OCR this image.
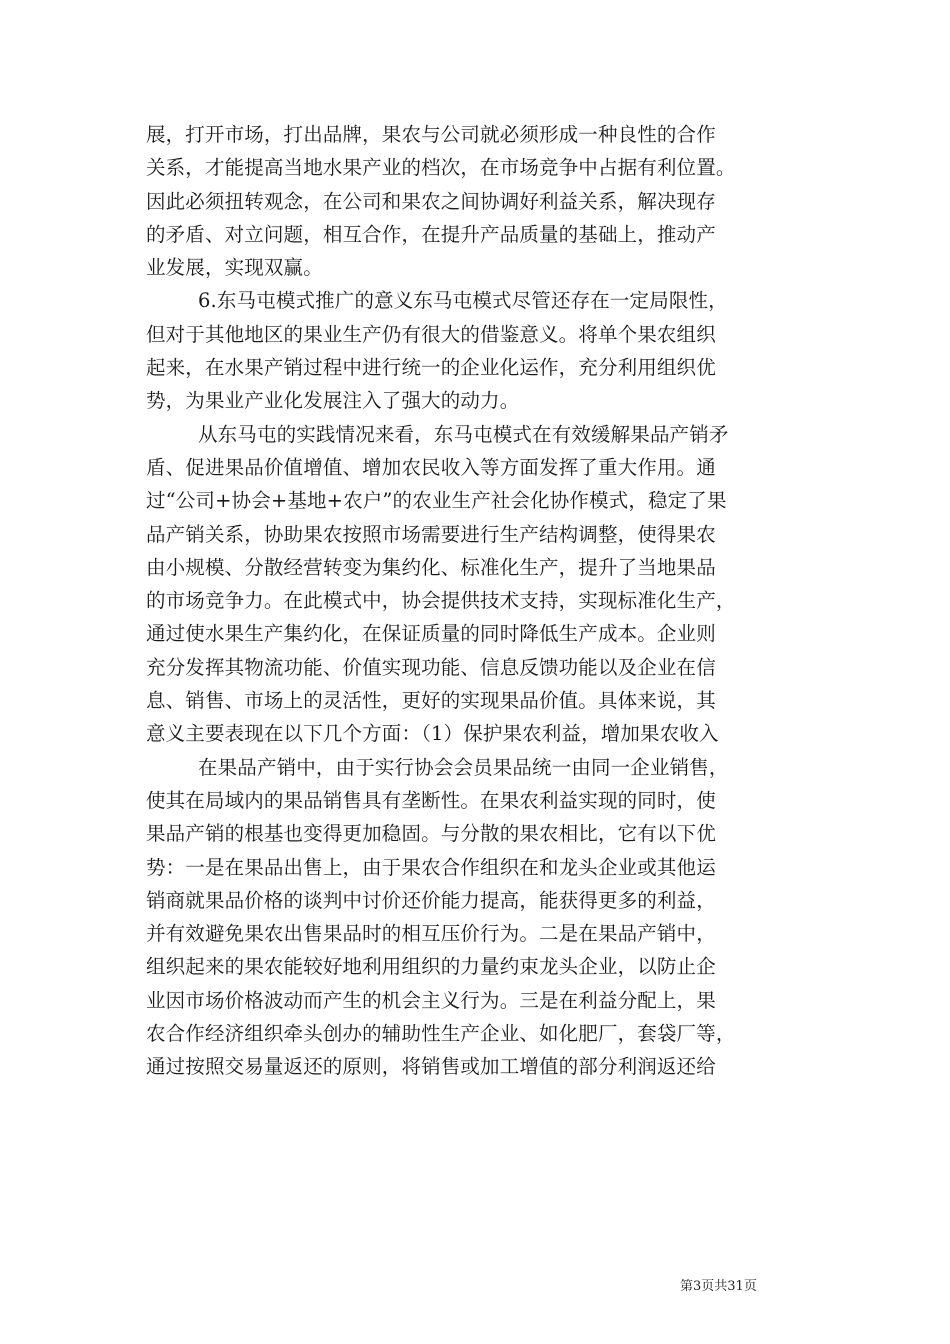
展，打开市场，打出品牌，果农与公司就必须形成一种良性的合作
关系，才能提高当地水果产业的档次，在市场竞争中占据有利位置。
因此必须扭转观念，在公司和果农之间协调好利益关系，解决现存
的矛盾、对立问题，相互合作，在提升产品质量的基础上，推动产
业发展，实现双赢。
6.东马屯模式推广的意义东马屯模式尽管还存在一定局限性，
但对于其他地区的果业生产仍有很大的借鉴意义。将单个果农组织
起来，在水果产销过程中进行统一的企业化运作，充分利用组织优
势，为果业产业化发展注入了强大的动力。
从东马屯的实践情况来看，东马屯模式在有效缓解果品产销矛
盾、促进果品价值增值、增加农民收入等方面发挥了重大作用。通
过“公司+协会+基地+农户”的农业生产社会化协作模式，稳定了果
品产销关系，协助果农按照市场需要进行生产结构调整，使得果农
由小规模、分散经营转变为集约化、标准化生产，提升了当地果品
的市场竞争力。在此模式中，协会提供技术支持，实现标准化生产，
通过使水果生产集约化，在保证质量的同时降低生产成本。企业则
充分发挥其物流功能、价值实现功能、信息反馈功能以及企业在信
息、销售、市场上的灵活性，更好的实现果品价值。具体来说，其
意义主要表现在以下几个方面：（1）保护果农利益，增加果农收入
在果品产销中，由于实行协会会员果品统一由同一企业销售，
使其在局域内的果品销售具有垄断性。在果农利益实现的同时，使
果品产销的根基也变得更加稳固。与分散的果农相比，它有以下优
势：一是在果品出售上，由于果农合作组织在和龙头企业或其他运
销商就果品价格的谈判中讨价还价能力提高，能获得更多的利益，
并有效避免果农出售果品时的相互压价行为。二是在果品产销中，
组织起来的果农能较好地利用组织的力量约束龙头企业，以防止企
业因市场价格波动而产生的机会主义行为。三是在利益分配上，果
农合作经济组织牵头创办的辅助性生产企业、如化肥厂，套袋厂等，
通过按照交易量返还的原则，将销售或加工增值的部分利润返还给
第3页共31页
